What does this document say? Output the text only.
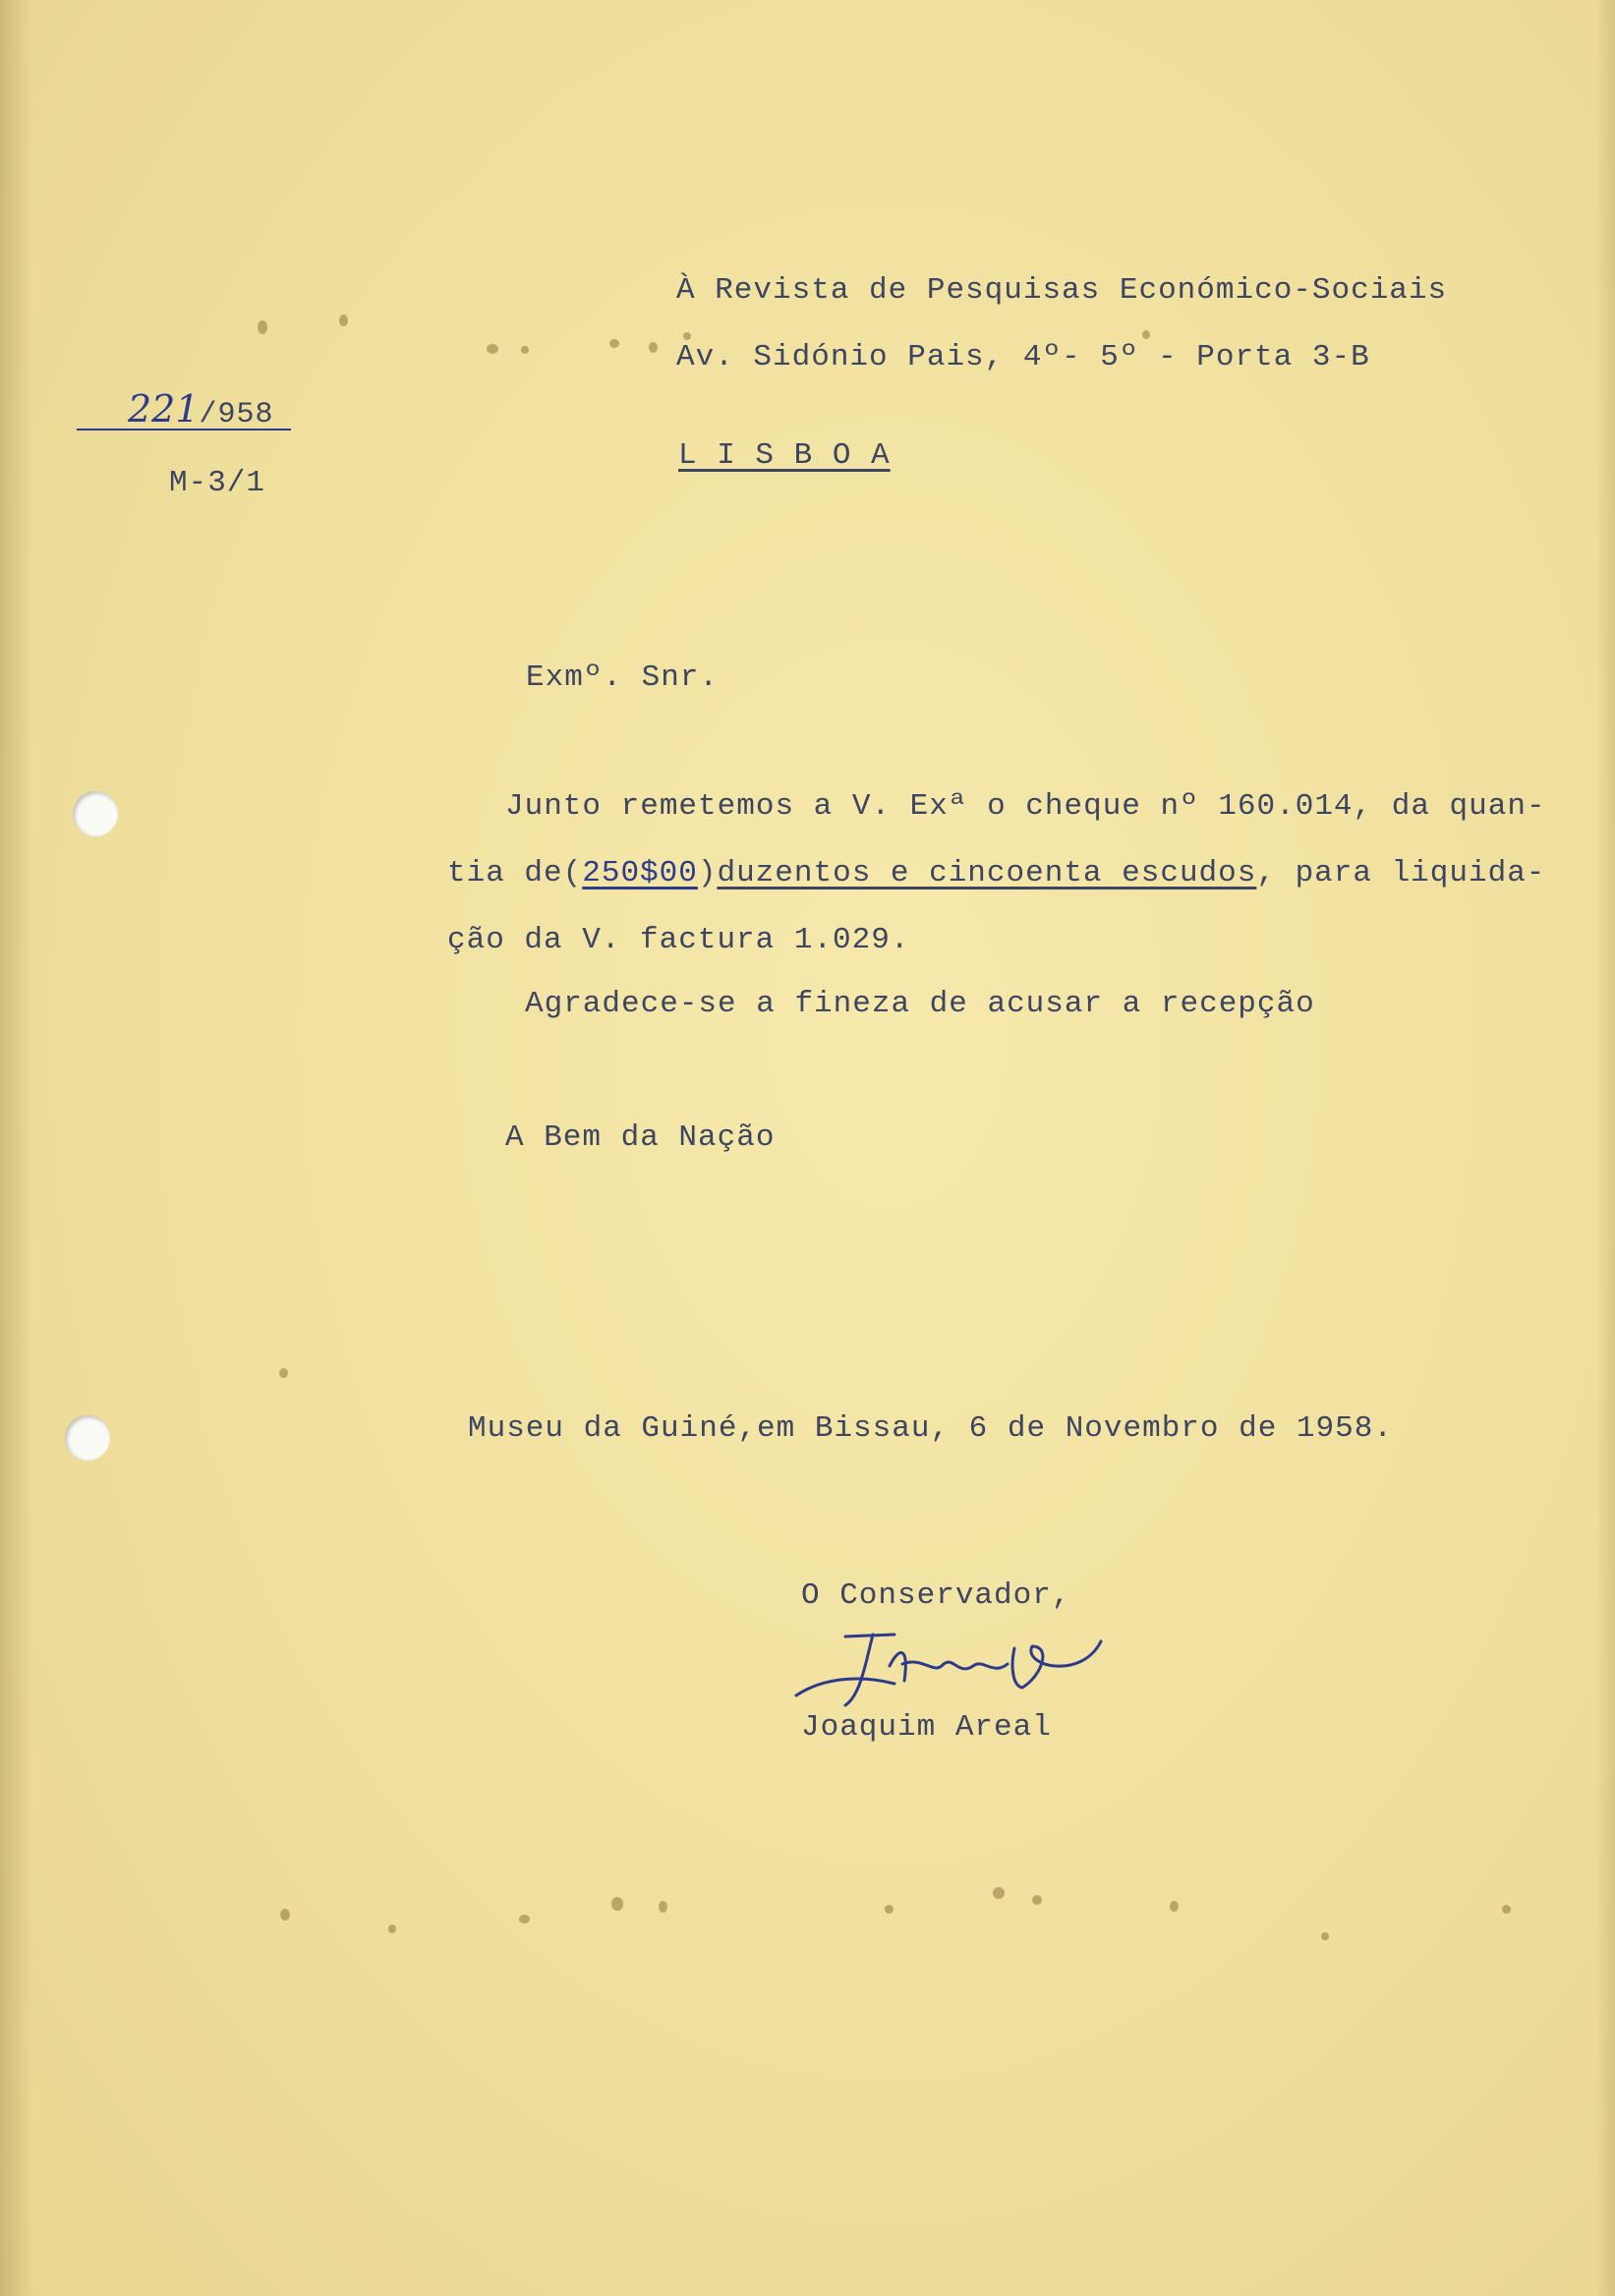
À Revista de Pesquisas Económico-Sociais
Av. Sidónio Pais, 4º- 5º - Porta 3-B
L I S B O A
221/958
M-3/1
Exmº. Snr.
Junto remetemos a V. Exª o cheque nº 160.014, da quan-
tia de(250$00)duzentos e cincoenta escudos, para liquida-
ção da V. factura 1.029.
Agradece-se a fineza de acusar a recepção
A Bem da Nação
Museu da Guiné,em Bissau, 6 de Novembro de 1958.
O Conservador,
Joaquim Areal
